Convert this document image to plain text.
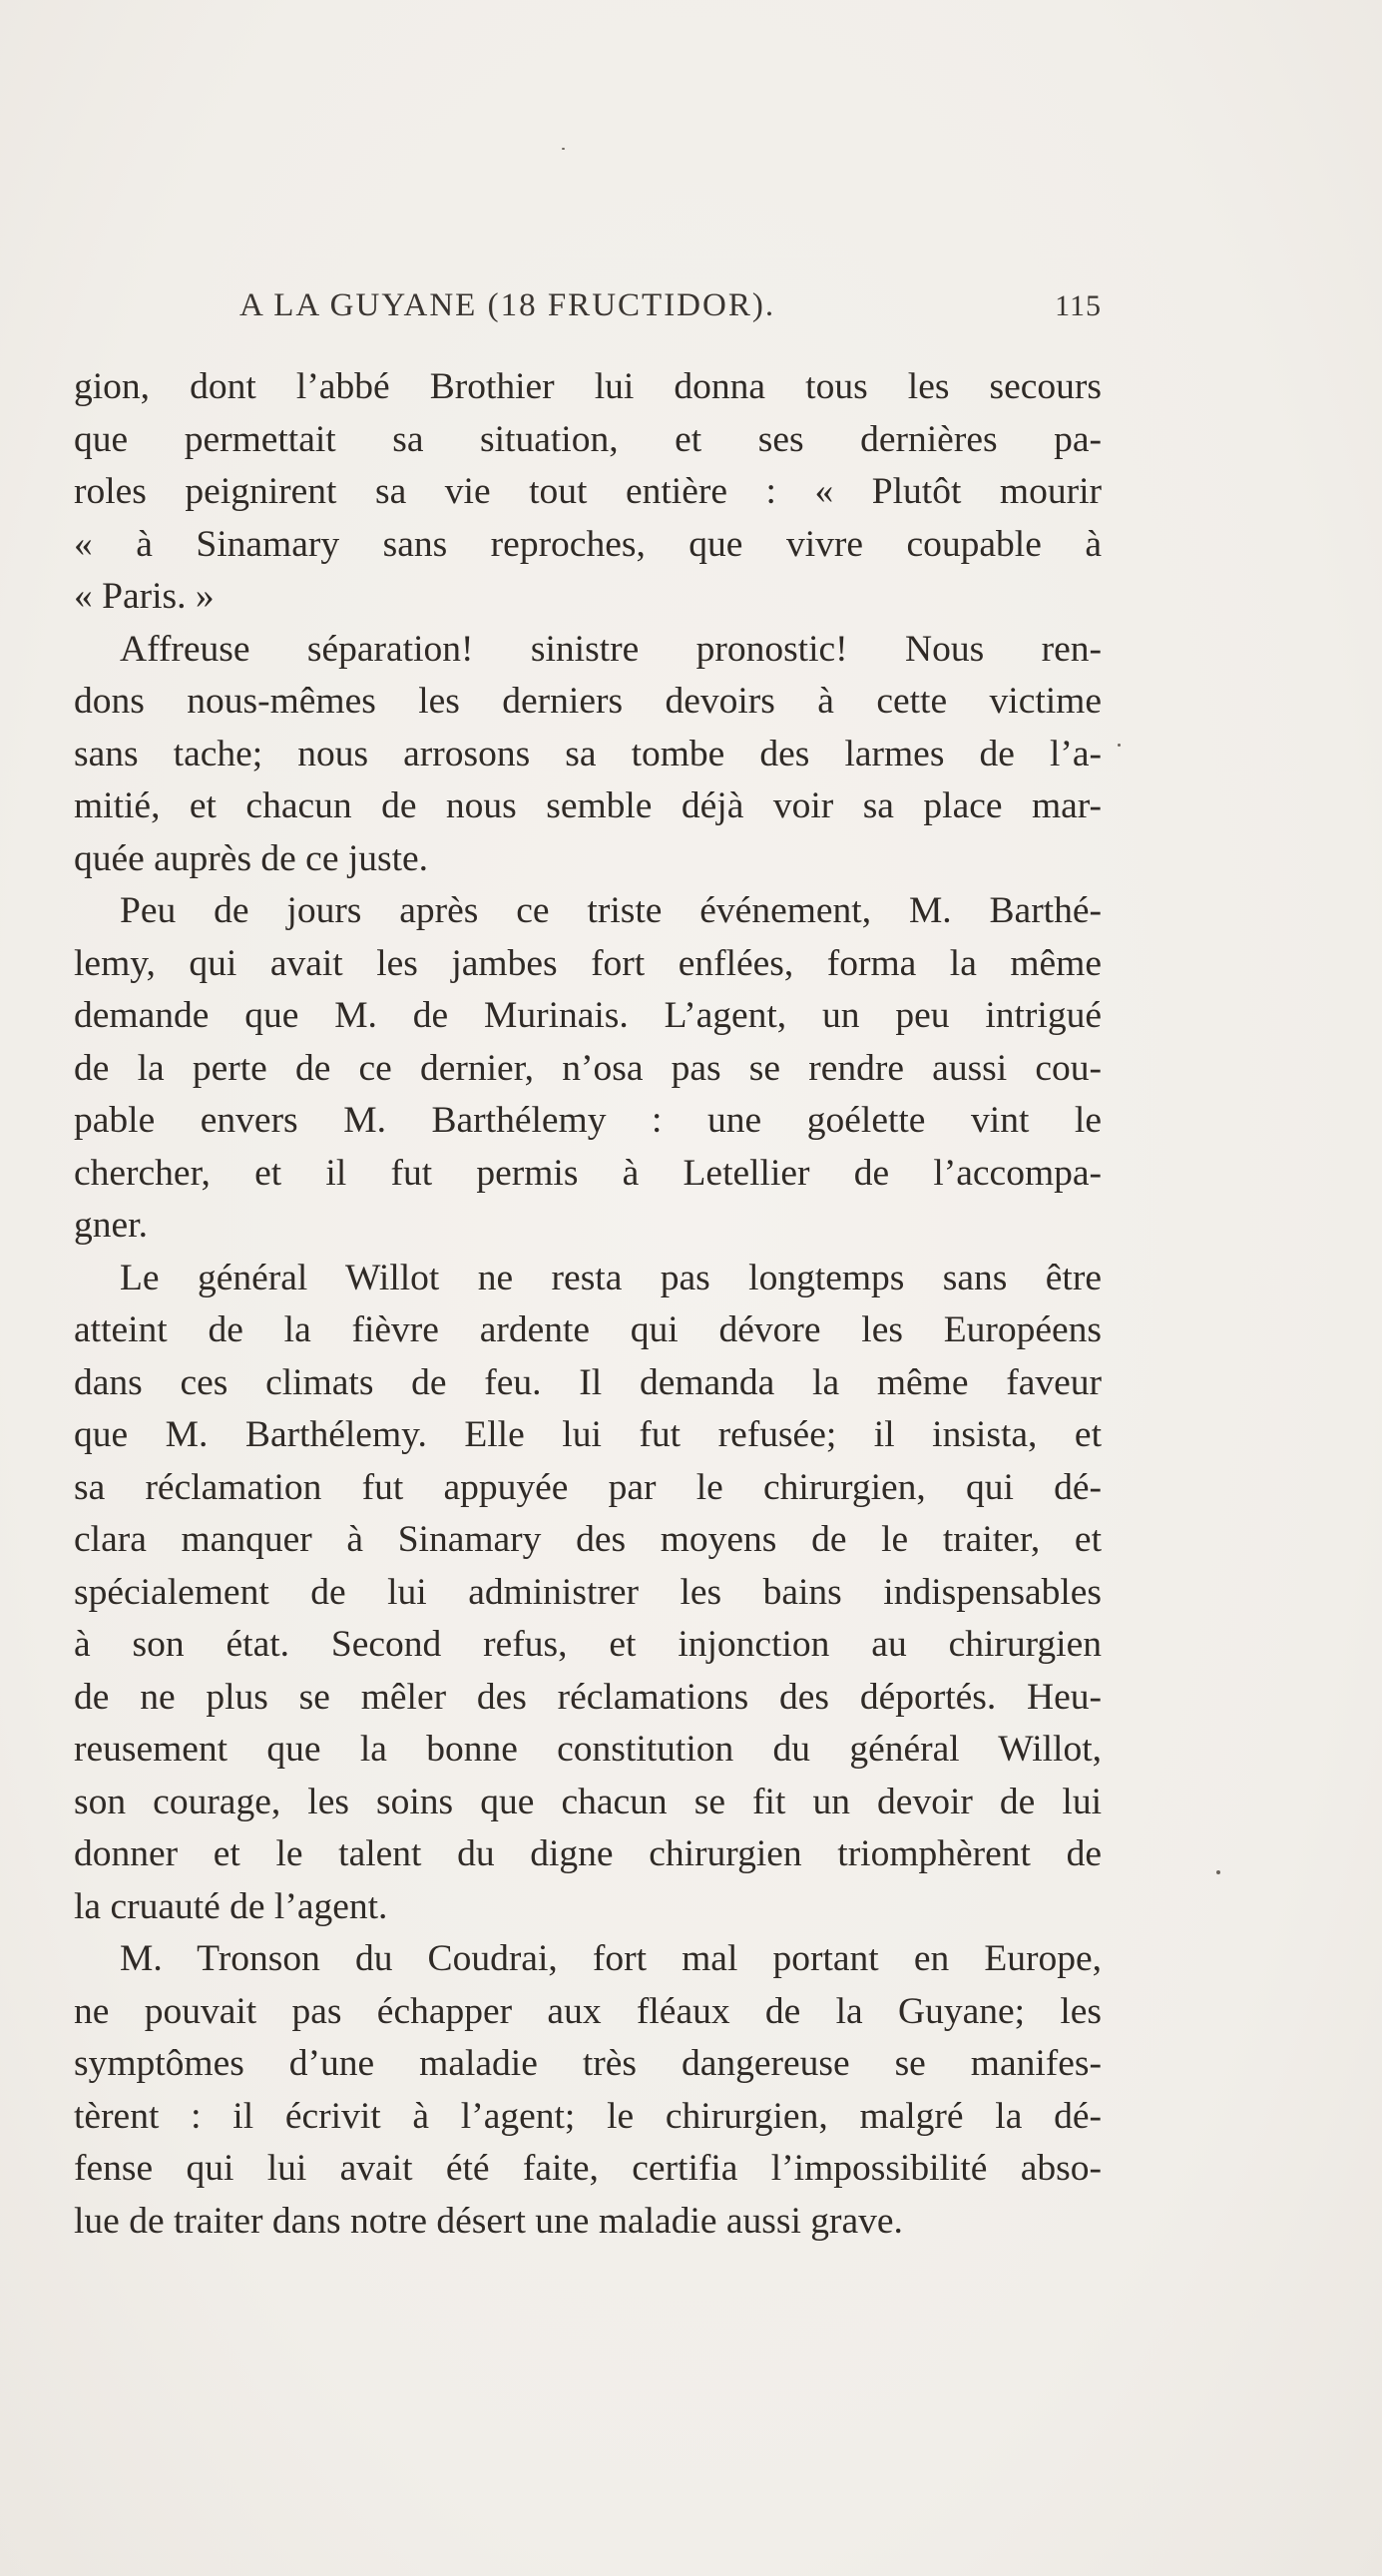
A LA GUYANE (18 FRUCTIDOR).	115

gion, dont l’abbé Brothier lui donna tous les secours
que permettait sa situation, et ses dernières pa-
roles peignirent sa vie tout entière : « Plutôt mourir
« à Sinamary sans reproches, que vivre coupable à
« Paris. »

Affreuse séparation! sinistre pronostic! Nous ren-
dons nous-mêmes les derniers devoirs à cette victime
sans tache; nous arrosons sa tombe des larmes de l’a-
mitié, et chacun de nous semble déjà voir sa place mar-
quée auprès de ce juste.

Peu de jours après ce triste événement, M. Barthé-
lemy, qui avait les jambes fort enflées, forma la même
demande que M. de Murinais. L’agent, un peu intrigué
de la perte de ce dernier, n’osa pas se rendre aussi cou-
pable envers M. Barthélemy : une goélette vint le
chercher, et il fut permis à Letellier de l’accompa-
gner.

Le général Willot ne resta pas longtemps sans être
atteint de la fièvre ardente qui dévore les Européens
dans ces climats de feu. Il demanda la même faveur
que M. Barthélemy. Elle lui fut refusée; il insista, et
sa réclamation fut appuyée par le chirurgien, qui dé-
clara manquer à Sinamary des moyens de le traiter, et
spécialement de lui administrer les bains indispensables
à son état. Second refus, et injonction au chirurgien
de ne plus se mêler des réclamations des déportés. Heu-
reusement que la bonne constitution du général Willot,
son courage, les soins que chacun se fit un devoir de lui
donner et le talent du digne chirurgien triomphèrent de
la cruauté de l’agent.

M. Tronson du Coudrai, fort mal portant en Europe,
ne pouvait pas échapper aux fléaux de la Guyane; les
symptômes d’une maladie très dangereuse se manifes-
tèrent : il écrivit à l’agent; le chirurgien, malgré la dé-
fense qui lui avait été faite, certifia l’impossibilité abso-
lue de traiter dans notre désert une maladie aussi grave.
